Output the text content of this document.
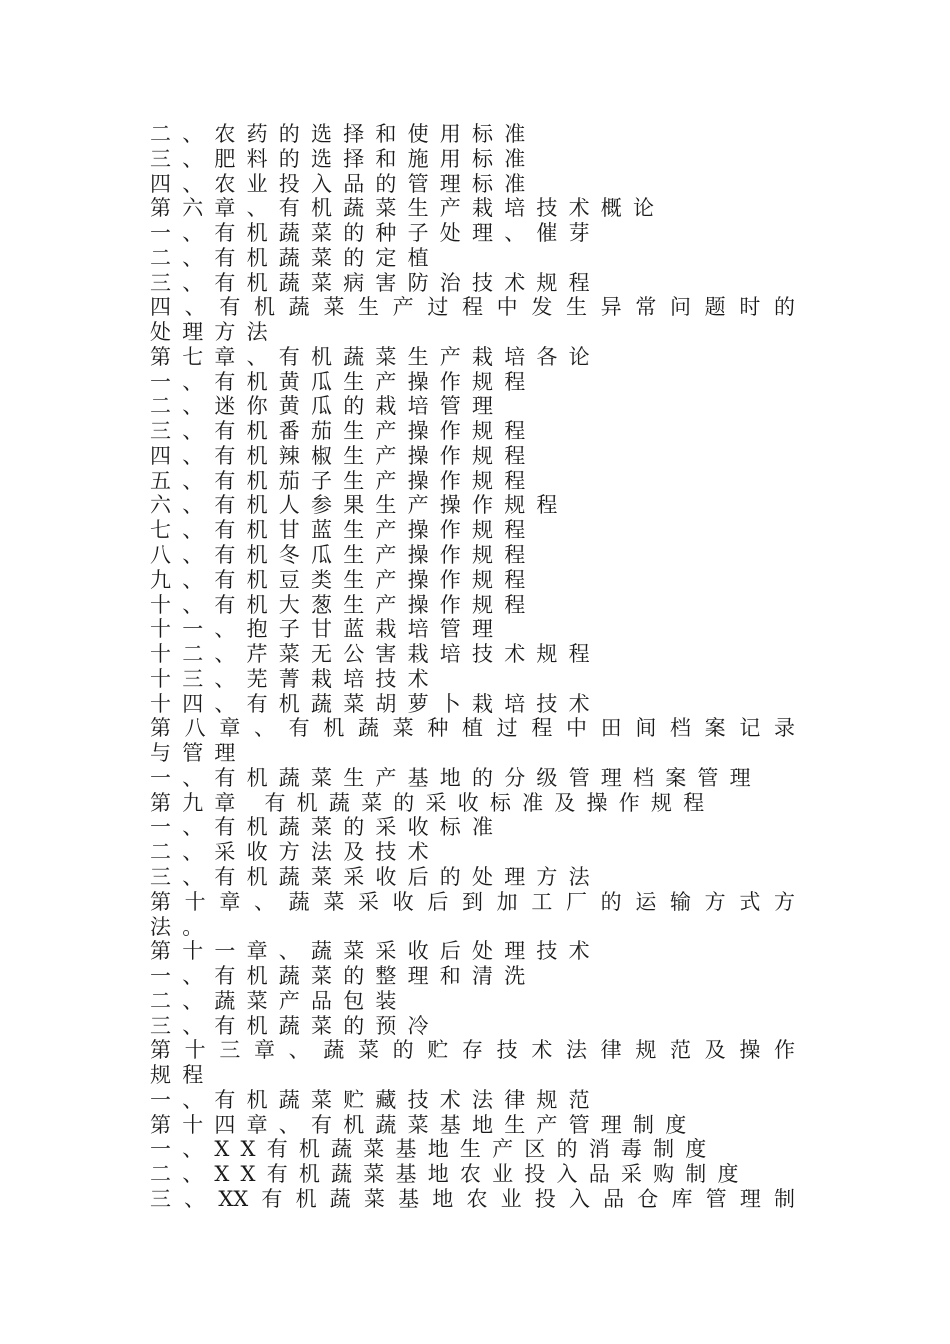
二、农药的选择和使用标准
三、肥料的选择和施用标准
四、农业投入品的管理标准
第六章、有机蔬菜生产栽培技术概论
一、有机蔬菜的种子处理、催芽
二、有机蔬菜的定植
三、有机蔬菜病害防治技术规程
四、有机蔬菜生产过程中发生异常问题时的
处理方法
第七章、有机蔬菜生产栽培各论
一、有机黄瓜生产操作规程
二、迷你黄瓜的栽培管理
三、有机番茄生产操作规程
四、有机辣椒生产操作规程
五、有机茄子生产操作规程
六、有机人参果生产操作规程
七、有机甘蓝生产操作规程
八、有机冬瓜生产操作规程
九、有机豆类生产操作规程
十、有机大葱生产操作规程
十一、抱子甘蓝栽培管理
十二、芹菜无公害栽培技术规程
十三、芜菁栽培技术
十四、有机蔬菜胡萝卜栽培技术
第八章、有机蔬菜种植过程中田间档案记录
与管理
一、有机蔬菜生产基地的分级管理档案管理
第九章 有机蔬菜的采收标准及操作规程
一、有机蔬菜的采收标准
二、采收方法及技术
三、有机蔬菜采收后的处理方法
第十章、蔬菜采收后到加工厂的运输方式方
法。
第十一章、蔬菜采收后处理技术
一、有机蔬菜的整理和清洗
二、蔬菜产品包装
三、有机蔬菜的预冷
第十三章、蔬菜的贮存技术法律规范及操作
规程
一、有机蔬菜贮藏技术法律规范
第十四章、有机蔬菜基地生产管理制度
一、XX有机蔬菜基地生产区的消毒制度
二、XX有机蔬菜基地农业投入品采购制度
三、XX有机蔬菜基地农业投入品仓库管理制
